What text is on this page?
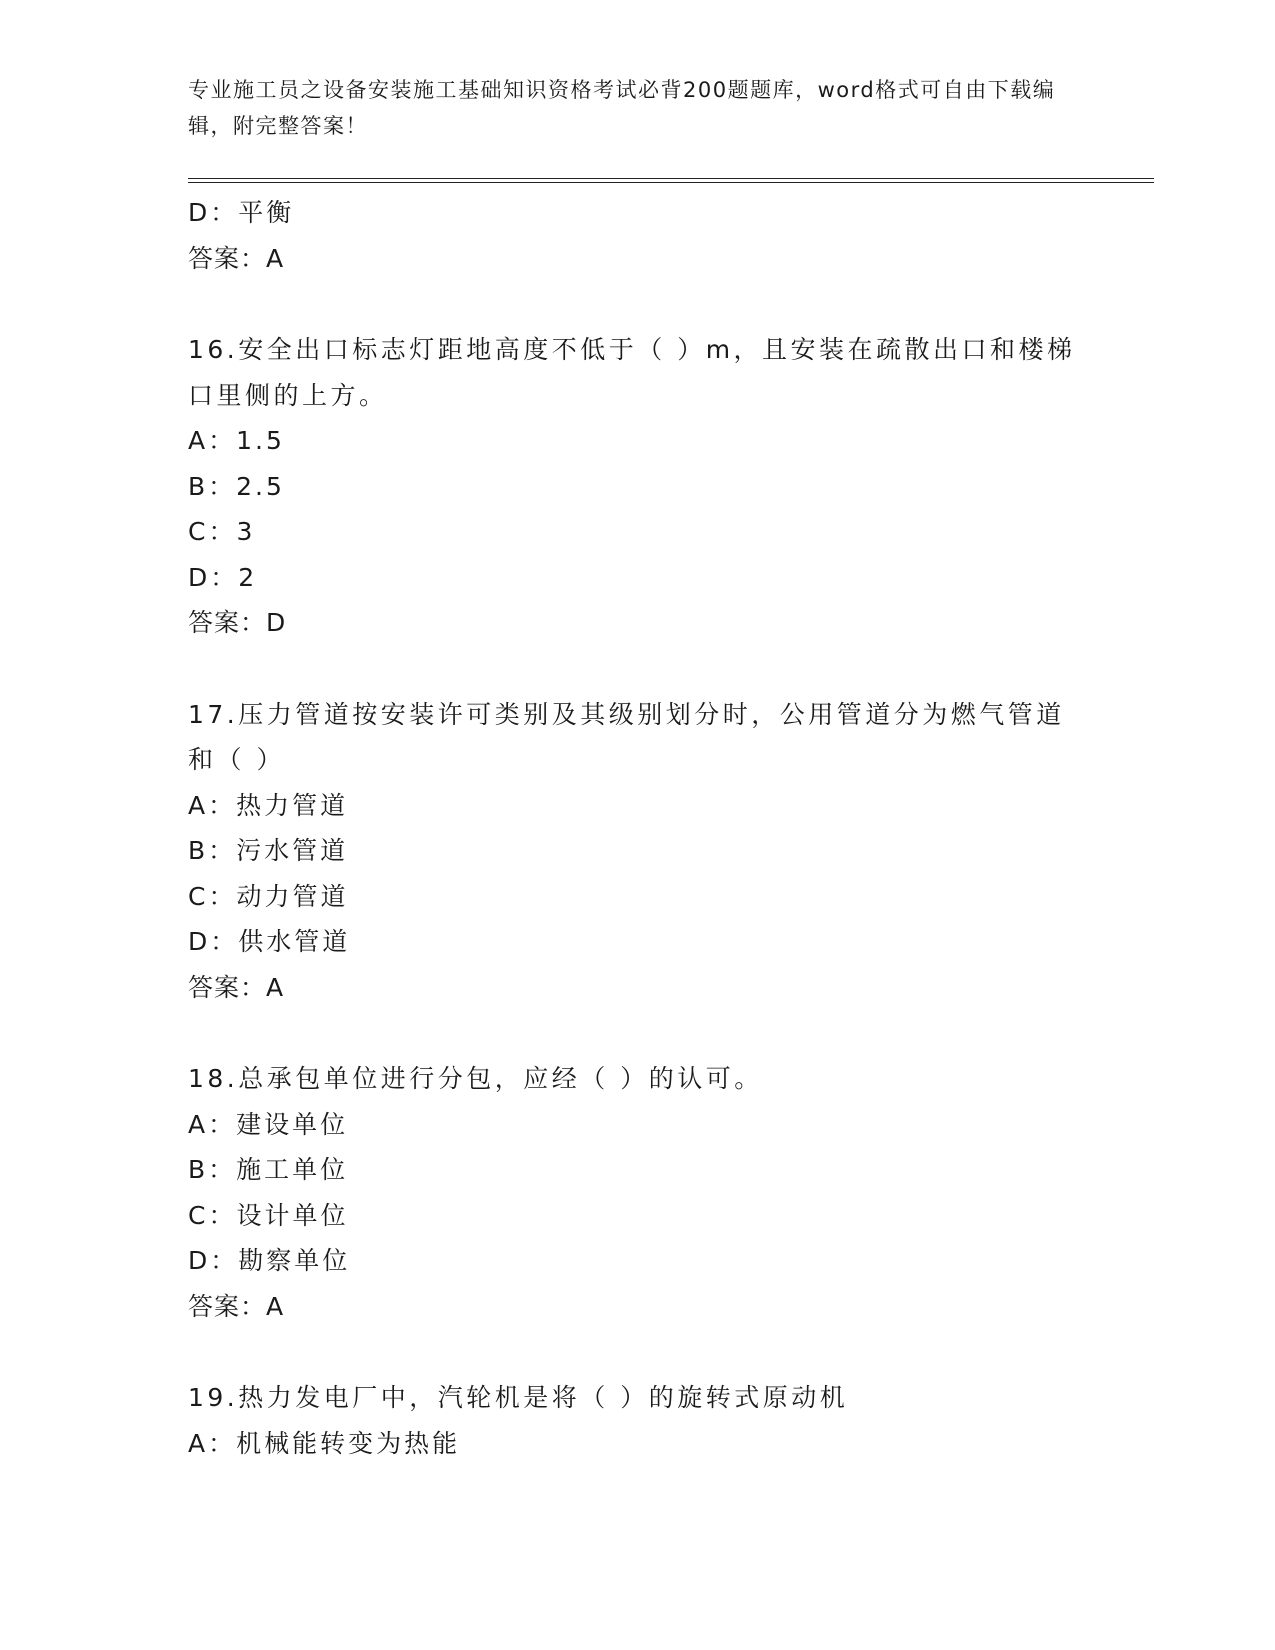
专业施工员之设备安装施工基础知识资格考试必背200题题库，word格式可自由下载编辑，附完整答案！
D：平衡
答案：A
16.安全出口标志灯距地高度不低于（ ）m，且安装在疏散出口和楼梯口里侧的上方。
A：1.5
B：2.5
C：3
D：2
答案：D
17.压力管道按安装许可类别及其级别划分时，公用管道分为燃气管道和（ ）
A：热力管道
B：污水管道
C：动力管道
D：供水管道
答案：A
18.总承包单位进行分包，应经（ ）的认可。
A：建设单位
B：施工单位
C：设计单位
D：勘察单位
答案：A
19.热力发电厂中，汽轮机是将（ ）的旋转式原动机
A：机械能转变为热能
